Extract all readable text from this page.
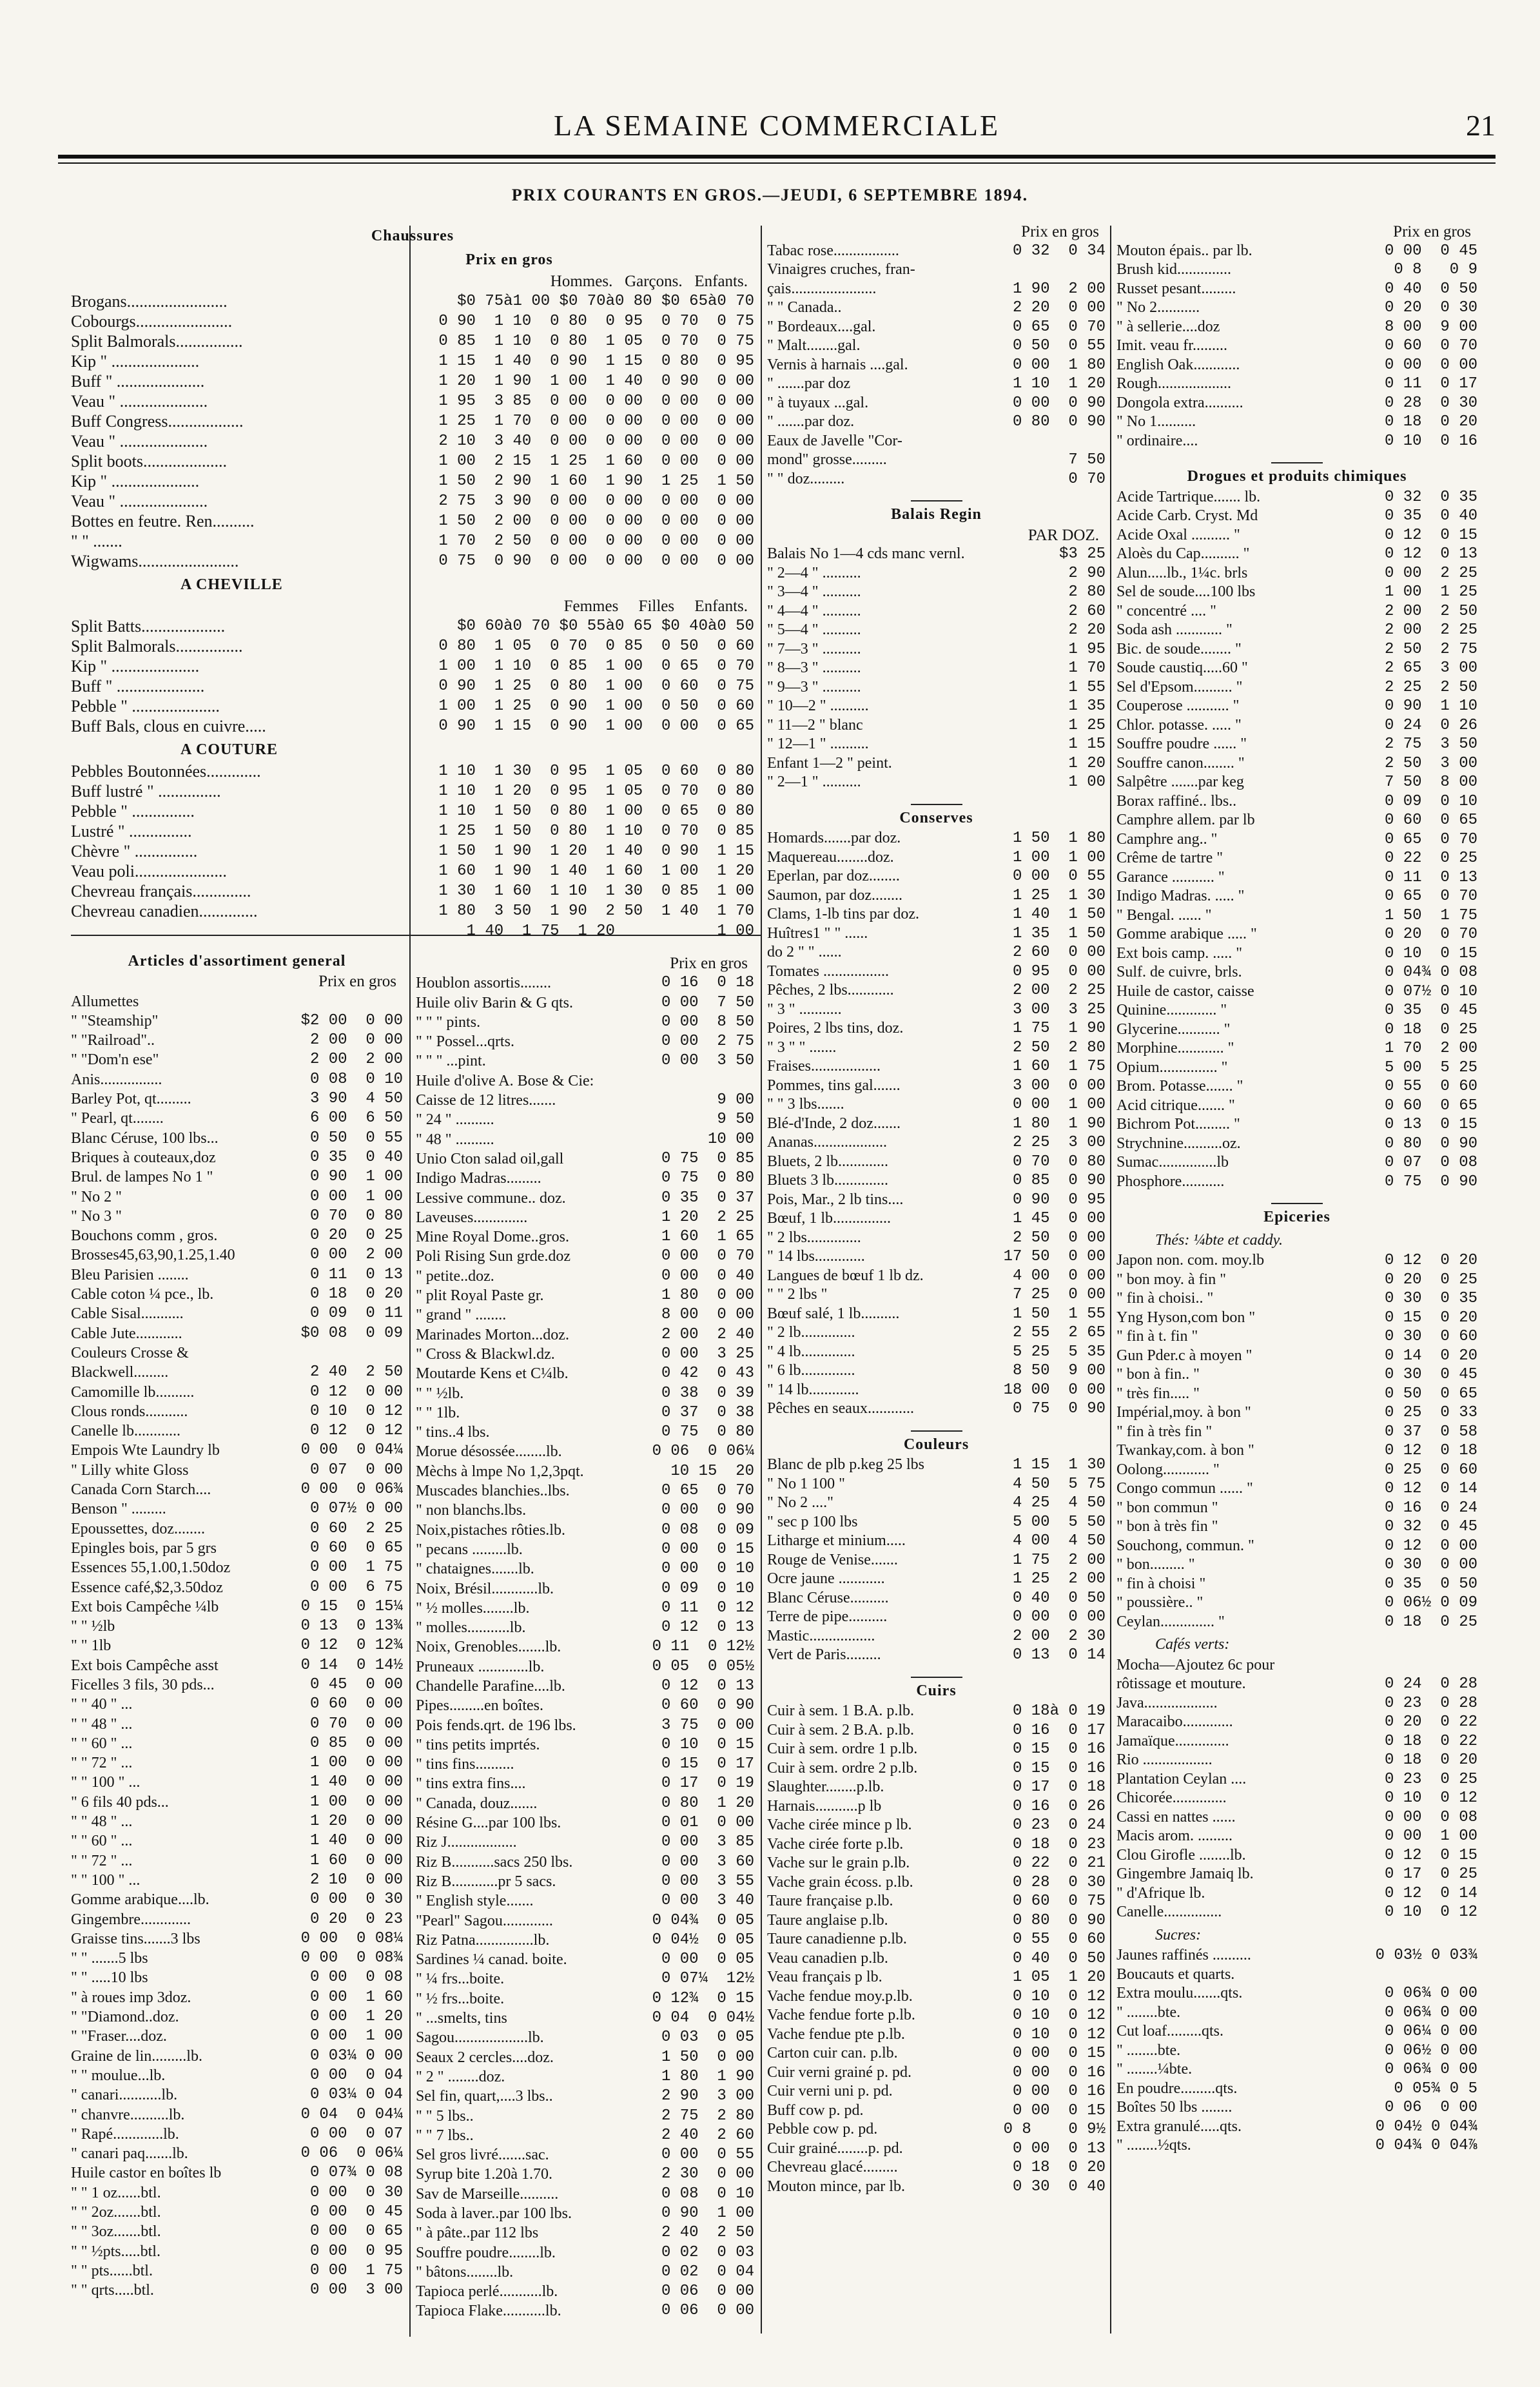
LA SEMAINE COMMERCIALE	21
PRIX COURANTS EN GROS.—JEUDI, 6 SEPTEMBRE 1894.
Chaussures
Prix en gros
Hommes.   Garçons.   Enfants.
Brogans........................	$0 75à1 00 $0 70à0 80 $0 65à0 70
Cobourgs.......................	0 90  1 10  0 80  0 95  0 70  0 75
Split Balmorals................	0 85  1 10  0 80  1 05  0 70  0 75
Kip " .....................	1 15  1 40  0 90  1 15  0 80  0 95
Buff " .....................	1 20  1 90  1 00  1 40  0 90  0 00
Veau " .....................	1 95  3 85  0 00  0 00  0 00  0 00
Buff Congress..................	1 25  1 70  0 00  0 00  0 00  0 00
Veau " .....................	2 10  3 40  0 00  0 00  0 00  0 00
Split boots....................	1 00  2 15  1 25  1 60  0 00  0 00
Kip " .....................	1 50  2 90  1 60  1 90  1 25  1 50
Veau " .....................	2 75  3 90  0 00  0 00  0 00  0 00
Bottes en feutre. Ren..........	1 50  2 00  0 00  0 00  0 00  0 00
" " .......	1 70  2 50  0 00  0 00  0 00  0 00
Wigwams........................	0 75  0 90  0 00  0 00  0 00  0 00
A CHEVILLE
Femmes     Filles     Enfants.
Split Batts....................	$0 60à0 70 $0 55à0 65 $0 40à0 50
Split Balmorals................	0 80  1 05  0 70  0 85  0 50  0 60
Kip " .....................	1 00  1 10  0 85  1 00  0 65  0 70
Buff " .....................	0 90  1 25  0 80  1 00  0 60  0 75
Pebble " .....................	1 00  1 25  0 90  1 00  0 50  0 60
Buff Bals, clous en cuivre.....	0 90  1 15  0 90  1 00  0 00  0 65
A COUTURE
Pebbles Boutonnées.............	1 10  1 30  0 95  1 05  0 60  0 80
Buff lustré " ...............	1 10  1 20  0 95  1 05  0 70  0 80
Pebble " ...............	1 10  1 50  0 80  1 00  0 65  0 80
Lustré " ...............	1 25  1 50  0 80  1 10  0 70  0 85
Chèvre " ...............	1 50  1 90  1 20  1 40  0 90  1 15
Veau poli......................	1 60  1 90  1 40  1 60  1 00  1 20
Chevreau français..............	1 30  1 60  1 10  1 30  0 85  1 00
Chevreau canadien..............	1 80  3 50  1 90  2 50  1 40  1 70
1 40  1 75  1 20           1 00
Articles d'assortiment general
Prix en gros
Allumettes
" "Steamship"	$2 00  0 00
" "Railroad"..	2 00  0 00
" "Dom'n ese"	2 00  2 00
Anis................	0 08  0 10
Barley Pot, qt.........	3 90  4 50
" Pearl, qt........	6 00  6 50
Blanc Céruse, 100 lbs...	0 50  0 55
Briques à couteaux,doz	0 35  0 40
Brul. de lampes No 1 "	0 90  1 00
" No 2 "	0 00  1 00
" No 3 "	0 70  0 80
Bouchons comm , gros.	0 20  0 25
Brosses45,63,90,1.25,1.40	0 00  2 00
Bleu Parisien ........	0 11  0 13
Cable coton ¼ pce., lb.	0 18  0 20
Cable Sisal...........	0 09  0 11
Cable Jute............	$0 08  0 09
Couleurs Crosse &
Blackwell.........	2 40  2 50
Camomille lb..........	0 12  0 00
Clous ronds...........	0 10  0 12
Canelle lb............	0 12  0 12
Empois Wte Laundry lb	0 00  0 04¼
" Lilly white Gloss	0 07  0 00
Canada Corn Starch....	0 00  0 06¾
Benson " .........	0 07½ 0 00
Epoussettes, doz........	0 60  2 25
Epingles bois, par 5 grs	0 60  0 65
Essences 55,1.00,1.50doz	0 00  1 75
Essence café,$2,3.50doz	0 00  6 75
Ext bois Campêche ¼lb	0 15  0 15¼
" " ½lb	0 13  0 13¾
" " 1lb	0 12  0 12¾
Ext bois Campêche asst	0 14  0 14½
Ficelles 3 fils, 30 pds...	0 45  0 00
" " 40 " ...	0 60  0 00
" " 48 " ...	0 70  0 00
" " 60 " ...	0 85  0 00
" " 72 " ...	1 00  0 00
" " 100 " ...	1 40  0 00
" 6 fils 40 pds...	1 00  0 00
" " 48 " ...	1 20  0 00
" " 60 " ...	1 40  0 00
" " 72 " ...	1 60  0 00
" " 100 " ...	2 10  0 00
Gomme arabique....lb.	0 00  0 30
Gingembre.............	0 20  0 23
Graisse tins.......3 lbs	0 00  0 08¼
" " .......5 lbs	0 00  0 08¾
" " .....10 lbs	0 00  0 08
" à roues imp 3doz.	0 00  1 60
" "Diamond..doz.	0 00  1 20
" "Fraser....doz.	0 00  1 00
Graine de lin.........lb.	0 03¼ 0 00
" " moulue...lb.	0 00  0 04
" canari...........lb.	0 03¼ 0 04
" chanvre..........lb.	0 04  0 04¼
" Rapé.............lb.	0 00  0 07
" canari paq.......lb.	0 06  0 06¼
Huile castor en boîtes lb	0 07¾ 0 08
" " 1 oz......btl.	0 00  0 30
" " 2oz.......btl.	0 00  0 45
" " 3oz.......btl.	0 00  0 65
" " ½pts.....btl.	0 00  0 95
" " pts......btl.	0 00  1 75
" " qrts.....btl.	0 00  3 00
Prix en gros
Houblon assortis........	0 16  0 18
Huile oliv Barin & G qts.	0 00  7 50
" " " pints.	0 00  8 50
" " Possel...qrts.	0 00  2 75
" " " ...pint.	0 00  3 50
Huile d'olive A. Bose & Cie:
Caisse de 12 litres.......	9 00
" 24 " ..........	9 50
" 48 " ..........	10 00
Unio Cton salad oil,gall	0 75  0 85
Indigo Madras.........	0 75  0 80
Lessive commune.. doz.	0 35  0 37
Laveuses..............	1 20  2 25
Mine Royal Dome..gros.	1 60  1 65
Poli Rising Sun grde.doz	0 00  0 70
" petite..doz.	0 00  0 40
" plit Royal Paste gr.	1 80  0 00
" grand " ........	8 00  0 00
Marinades Morton...doz.	2 00  2 40
" Cross & Blackwl.dz.	0 00  3 25
Moutarde Kens et C¼lb.	0 42  0 43
" " ½lb.	0 38  0 39
" " 1lb.	0 37  0 38
" tins..4 lbs.	0 75  0 80
Morue désossée........lb.	0 06  0 06¼
Mèchs à lmpe No 1,2,3pqt.	10 15  20
Muscades blanchies..lbs.	0 65  0 70
" non blanchs.lbs.	0 00  0 90
Noix,pistaches rôties.lb.	0 08  0 09
" pecans .........lb.	0 00  0 15
" chataignes.......lb.	0 00  0 10
Noix, Brésil............lb.	0 09  0 10
" ½ molles........lb.	0 11  0 12
" molles...........lb.	0 12  0 13
Noix, Grenobles.......lb.	0 11  0 12½
Pruneaux .............lb.	0 05  0 05½
Chandelle Parafine....lb.	0 12  0 13
Pipes.........en boîtes.	0 60  0 90
Pois fends.qrt. de 196 lbs.	3 75  0 00
" tins petits imprtés.	0 10  0 15
" tins fins..........	0 15  0 17
" tins extra fins....	0 17  0 19
" Canada, douz.......	0 80  1 20
Résine G....par 100 lbs.	0 01  0 00
Riz J..................	0 00  3 85
Riz B...........sacs 250 lbs.	0 00  3 60
Riz B............pr 5 sacs.	0 00  3 55
" English style.......	0 00  3 40
"Pearl" Sagou.............	0 04¾  0 05
Riz Patna...............lb.	0 04½  0 05
Sardines ¼ canad. boite.	0 00  0 05
" ¼ frs...boite.	0 07¼  12½
" ½ frs...boite.	0 12¾  0 15
" ...smelts, tins	0 04  0 04½
Sagou...................lb.	0 03  0 05
Seaux 2 cercles....doz.	1 50  0 00
" 2 " ........doz.	1 80  1 90
Sel fin, quart,....3 lbs..	2 90  3 00
" " 5 lbs..	2 75  2 80
" " 7 lbs..	2 40  2 60
Sel gros livré.......sac.	0 00  0 55
Syrup bite 1.20à 1.70.	2 30  0 00
Sav de Marseille..........	0 08  0 10
Soda à laver..par 100 lbs.	0 90  1 00
" à pâte..par 112 lbs	2 40  2 50
Souffre poudre........lb.	0 02  0 03
" bâtons........lb.	0 02  0 04
Tapioca perlé...........lb.	0 06  0 00
Tapioca Flake...........lb.	0 06  0 00
Prix en gros
Tabac rose.................	0 32  0 34
Vinaigres cruches, fran-
çais......................	1 90  2 00
" " Canada..	2 20  0 00
" Bordeaux....gal.	0 65  0 70
" Malt........gal.	0 50  0 55
Vernis à harnais ....gal.	0 00  1 80
" .......par doz	1 10  1 20
" à tuyaux ...gal.	0 00  0 90
" .......par doz.	0 80  0 90
Eaux de Javelle "Cor-
mond" grosse.........	7 50
" " doz.........	0 70
Balais Regin
PAR DOZ.
Balais No 1—4 cds manc vernl.	$3 25
" 2—4 " ..........	2 90
" 3—4 " ..........	2 80
" 4—4 " ..........	2 60
" 5—4 " ..........	2 20
" 7—3 " ..........	1 95
" 8—3 " ..........	1 70
" 9—3 " ..........	1 55
" 10—2 " ..........	1 35
" 11—2 " blanc	1 25
" 12—1 " ..........	1 15
Enfant 1—2 " peint.	1 20
" 2—1 " ..........	1 00
Conserves
Homards.......par doz.	1 50  1 80
Maquereau........doz.	1 00  1 00
Eperlan, par doz........	0 00  0 55
Saumon, par doz........	1 25  1 30
Clams, 1-lb tins par doz.	1 40  1 50
Huîtres1 " " ......	1 35  1 50
do 2 " " ......	2 60  0 00
Tomates .................	0 95  0 00
Pêches, 2 lbs............	2 00  2 25
" 3 " ...........	3 00  3 25
Poires, 2 lbs tins, doz.	1 75  1 90
" 3 " " .......	2 50  2 80
Fraises..................	1 60  1 75
Pommes, tins gal.......	3 00  0 00
" " 3 lbs.......	0 00  1 00
Blé-d'Inde, 2 doz.......	1 80  1 90
Ananas...................	2 25  3 00
Bluets, 2 lb.............	0 70  0 80
Bluets 3 lb..............	0 85  0 90
Pois, Mar., 2 lb tins....	0 90  0 95
Bœuf, 1 lb...............	1 45  0 00
" 2 lbs..............	2 50  0 00
" 14 lbs.............	17 50  0 00
Langues de bœuf 1 lb dz.	4 00  0 00
" " 2 lbs "	7 25  0 00
Bœuf salé, 1 lb..........	1 50  1 55
" 2 lb..............	2 55  2 65
" 4 lb..............	5 25  5 35
" 6 lb..............	8 50  9 00
" 14 lb.............	18 00  0 00
Pêches en seaux............	0 75  0 90
Couleurs
Blanc de plb p.keg 25 lbs	1 15  1 30
" No 1 100 "	4 50  5 75
" No 2 ...."	4 25  4 50
" sec p 100 lbs	5 00  5 50
Litharge et minium.....	4 00  4 50
Rouge de Venise.......	1 75  2 00
Ocre jaune ............	1 25  2 00
Blanc Céruse..........	0 40  0 50
Terre de pipe..........	0 00  0 00
Mastic.................	2 00  2 30
Vert de Paris.........	0 13  0 14
Cuirs
Cuir à sem. 1 B.A. p.lb.	0 18à 0 19
Cuir à sem. 2 B.A. p.lb.	0 16  0 17
Cuir à sem. ordre 1 p.lb.	0 15  0 16
Cuir à sem. ordre 2 p.lb.	0 15  0 16
Slaughter........p.lb.	0 17  0 18
Harnais...........p lb	0 16  0 26
Vache cirée mince p lb.	0 23  0 24
Vache cirée forte p.lb.	0 18  0 23
Vache sur le grain p.lb.	0 22  0 21
Vache grain écoss. p.lb.	0 28  0 30
Taure française p.lb.	0 60  0 75
Taure anglaise p.lb.	0 80  0 90
Taure canadienne p.lb.	0 55  0 60
Veau canadien p.lb.	0 40  0 50
Veau français p lb.	1 05  1 20
Vache fendue moy.p.lb.	0 10  0 12
Vache fendue forte p.lb.	0 10  0 12
Vache fendue pte p.lb.	0 10  0 12
Carton cuir can. p.lb.	0 00  0 15
Cuir verni grainé p. pd.	0 00  0 16
Cuir verni uni p. pd.	0 00  0 16
Buff cow p. pd.	0 00  0 15
Pebble cow p. pd.	0 8    0 9½
Cuir grainé........p. pd.	0 00  0 13
Chevreau glacé.........	0 18  0 20
Mouton mince, par lb.	0 30  0 40
Prix en gros
Mouton épais.. par lb.	0 00  0 45
Brush kid..............	0 8   0 9
Russet pesant.........	0 40  0 50
" No 2...........	0 20  0 30
" à sellerie....doz	8 00  9 00
Imit. veau fr.........	0 60  0 70
English Oak............	0 00  0 00
Rough...................	0 11  0 17
Dongola extra..........	0 28  0 30
" No 1..........	0 18  0 20
" ordinaire....	0 10  0 16
Drogues et produits chimiques
Acide Tartrique....... lb.	0 32  0 35
Acide Carb. Cryst. Md	0 35  0 40
Acide Oxal .......... "	0 12  0 15
Aloès du Cap.......... "	0 12  0 13
Alun.....lb., 1¼c. brls	0 00  2 25
Sel de soude....100 lbs	1 00  1 25
" concentré .... "	2 00  2 50
Soda ash ............ "	2 00  2 25
Bic. de soude........ "	2 50  2 75
Soude caustiq.....60 "	2 65  3 00
Sel d'Epsom.......... "	2 25  2 50
Couperose ........... "	0 90  1 10
Chlor. potasse. ..... "	0 24  0 26
Souffre poudre ...... "	2 75  3 50
Souffre canon........ "	2 50  3 00
Salpêtre .......par keg	7 50  8 00
Borax raffiné.. lbs..	0 09  0 10
Camphre allem. par lb	0 60  0 65
Camphre ang.. "	0 65  0 70
Crême de tartre "	0 22  0 25
Garance ........... "	0 11  0 13
Indigo Madras. ..... "	0 65  0 70
" Bengal. ...... "	1 50  1 75
Gomme arabique ..... "	0 20  0 70
Ext bois camp. ..... "	0 10  0 15
Sulf. de cuivre, brls.	0 04¾ 0 08
Huile de castor, caisse	0 07½ 0 10
Quinine............. "	0 35  0 45
Glycerine........... "	0 18  0 25
Morphine............ "	1 70  2 00
Opium............... "	5 00  5 25
Brom. Potasse....... "	0 55  0 60
Acid citrique....... "	0 60  0 65
Bichrom Pot......... "	0 13  0 15
Strychnine..........oz.	0 80  0 90
Sumac...............lb	0 07  0 08
Phosphore...........	0 75  0 90
Epiceries
Thés: ¼bte et caddy.
Japon non. com. moy.lb	0 12  0 20
" bon moy. à fin "	0 20  0 25
" fin à choisi.. "	0 30  0 35
Yng Hyson,com bon "	0 15  0 20
" fin à t. fin "	0 30  0 60
Gun Pder.c à moyen "	0 14  0 20
" bon à fin.. "	0 30  0 45
" très fin..... "	0 50  0 65
Impérial,moy. à bon "	0 25  0 33
" fin à très fin "	0 37  0 58
Twankay,com. à bon "	0 12  0 18
Oolong............ "	0 25  0 60
Congo commun ...... "	0 12  0 14
" bon commun "	0 16  0 24
" bon à très fin "	0 32  0 45
Souchong, commun. "	0 12  0 00
" bon......... "	0 30  0 00
" fin à choisi "	0 35  0 50
" poussière.. "	0 06½ 0 09
Ceylan.............. "	0 18  0 25
Cafés verts:
Mocha—Ajoutez 6c pour
rôtissage et mouture.	0 24  0 28
Java...................	0 23  0 28
Maracaibo.............	0 20  0 22
Jamaïque..............	0 18  0 22
Rio ..................	0 18  0 20
Plantation Ceylan ....	0 23  0 25
Chicorée..............	0 10  0 12
Cassi en nattes ......	0 00  0 08
Macis arom. .........	0 00  1 00
Clou Girofle ........lb.	0 12  0 15
Gingembre Jamaiq lb.	0 17  0 25
" d'Afrique lb.	0 12  0 14
Canelle...............	0 10  0 12
Sucres:
Jaunes raffinés ..........	0 03½ 0 03¾
Boucauts et quarts.
Extra moulu.......qts.	0 06¾ 0 00
" ........bte.	0 06¾ 0 00
Cut loaf.........qts.	0 06¼ 0 00
" ........bte.	0 06½ 0 00
" ........¼bte.	0 06¾ 0 00
En poudre.........qts.	0 05¾ 0 5
Boîtes 50 lbs ........	0 06  0 00
Extra granulé.....qts.	0 04½ 0 04¾
" ........½qts.	0 04¾ 0 04⅞
